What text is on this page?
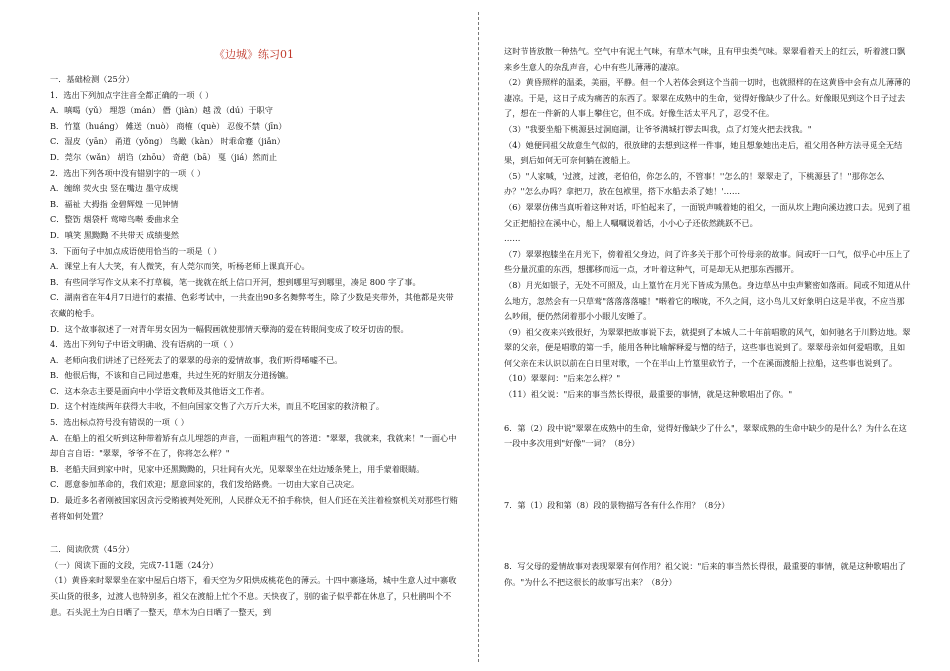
《边城》练习01
一．基础检测（25分）
1．选出下列加点字注音全都正确的一项（ ）
A．嗔喝（yǔ） 埋怨（mán） 僭（jiàn）越 泼（dú）于职守
B．竹篁（huáng） 傩送（nuò） 商榷（què） 忍俊不禁（jīn）
C．湿皮（yān） 甬道（yǒng） 鸟瞰（kàn） 时乖命蹇（jiǎn）
D．莞尔（wǎn） 胡诌（zhōu） 奇葩（bā） 戛（jiá）然而止
2．选出下列各项中没有错别字的一项（ ）
A．缠绵 荧火虫 竖在嘴边 墨守成规
B．福祉 大拇指 金碧辉煌 一见钟情
C．整饬 烟袋杆 莺啼鸟啭 委曲求全
D．嗔笑 黑黝黝 不共带天 成绩斐然
3．下面句子中加点成语使用恰当的一项是（ ）
A．课堂上有人大笑，有人微笑，有人莞尔而笑，听杨老师上课真开心。
B．有些同学写作文从来不打草稿，笔一拢就在纸上信口开河，想到哪里写到哪里，凑足 800 字了事。
C．湖南省在年4月7日进行的素描、色彩考试中，一共查出90多名舞弊考生，除了少数是夹带外，其他都是夹带衣藏的枪手。
D．这个故事叙述了一对青年男女因为一幅假画就使那情天孽海的爱在转眼间变成了咬牙切齿的恨。
4．选出下列句子中语文明确、没有语病的一项（ ）
A．老师向我们讲述了已经死去了的翠翠的母亲的爱情故事，我们听得唏嘘不已。
B．他很后悔，不该和自己同过患难，共过生死的好朋友分道扬镳。
C．这本杂志主要是面向中小学语文教师及其他语文工作者。
D．这个村连续两年获得大丰收，不但向国家交售了六万斤大米，而且不吃国家的救济粮了。
5．选出标点符号没有错误的一项（ ）
A．在船上的祖父听到这种带着矫有点儿埋怨的声音，一面粗声粗气的答道："翠翠，我就来，我就来！"一面心中却自言自语："翠翠，爷爷不在了，你将怎么样？"
B．老船夫回到家中时，见家中还黑黝黝的，只壮间有火光，见翠翠坐在灶边矮条凳上，用手蒙着眼睛。
C．愿意参加革命的，我们欢迎；愿意回家的，我们发给路费。一切由大家自己决定。
D．最近多名者刚被国家因贪污受贿被判处死刑，人民群众无不拍手称快，但人们还在关注着检察机关对那些行贿者将如何处置？
二．阅读欣赏（45分）
（一）阅读下面的文段，完成7-11题（24分）
（1）黄昏来时翠翠坐在家中屋后白塔下，看天空为夕阳烘成桃花色的薄云。十四中寨逢场，城中生意人过中寨收买山货的很多，过渡人也特别多，祖父在渡船上忙个不息。天快夜了，别的雀子似乎都在休息了，只杜鹃叫个不息。石头泥土为白日晒了一整天，草木为白日晒了一整天，到
这时节皆放散一种热气。空气中有泥土气味，有草木气味，且有甲虫类气味。翠翠看着天上的红云，听着渡口飘来乡生意人的杂乱声音，心中有些儿薄薄的凄凉。
（2）黄昏照样的温柔，美丽，平静。但一个人若体会到这个当前一切时，也就照样的在这黄昏中会有点儿薄薄的凄凉。于是，这日子成为痛苦的东西了。翠翠在成熟中的生命，觉得好像缺少了什么。好像眼见到这个日子过去了，想在一件新的人事上攀住它，但不成。好像生活太平凡了，忍受不住。
（3）"我要坐船下桃源县过洞庭湖，让爷爷满城打锣去叫我，点了灯笼火把去找我。"
（4）她便同祖父故意生气似的，很放肆的去想到这样一件事，她且想象她出走后，祖父用各种方法寻觅全无结果，到后如何无可奈何躺在渡船上。
（5）"人家喊，'过渡，过渡，老伯伯，你怎么的，不管事！''怎么的！翠翠走了，下桃源县了！''那你怎么办？''怎么办吗？拿把刀，放在包袱里，搭下水船去杀了她！'……
（6）翠翠仿佛当真听着这种对话，吓怕起来了，一面锐声喊着她的祖父，一面从坎上跑向溪边渡口去。见到了祖父正把船拉在溪中心，船上人嘱嘱说着话，小小心子还依然跳跃不已。
……
（7）翠翠抱膝坐在月光下，傍着祖父身边，问了许多关于那个可怜母亲的故事。间或吁一口气，似乎心中压上了些分量沉重的东西，想挪移而远一点，才叶着这种气，可是却无从把那东西挪开。
（8）月光如银子，无处不可照及，山上篁竹在月光下皆成为黑色。身边草丛中虫声繁密如落雨。间或不知道从什么地方，忽然会有一只草莺"落落落落嘘！"啭着它的喉咙，不久之间，这小鸟儿又好象明白这是半夜，不应当那么吵闹，便仍然闭着那小小眼儿安睡了。
（9）祖父夜来兴致很好，为翠翠把故事说下去，就提到了本城人二十年前唱歌的风气，如何驰名于川黔边地。翠翠的父亲，便是唱歌的第一手，能用各种比喻解释爱与憎的结子，这些事也说到了。翠翠母亲如何爱唱歌，且如何父亲在未认识以前在白日里对歌，一个在半山上竹篁里砍竹子，一个在溪面渡船上拉船，这些事也说到了。
（10）翠翠问："后来怎么样？"
（11）祖父说："后来的事当然长得很，最重要的事情，就是这种歌唱出了你。"
6．第（2）段中说"翠翠在成熟中的生命，觉得好像缺少了什么"，翠翠成熟的生命中缺少的是什么？为什么在这一段中多次用到"好像"一词？（8分）
7．第（1）段和第（8）段的景物描写各有什么作用？（8分）
8．写父母的爱情故事对表现翠翠有何作用？祖父说："后来的事当然长得很，最重要的事情，就是这种歌唱出了你。"为什么不把这很长的故事写出来？（8分）
